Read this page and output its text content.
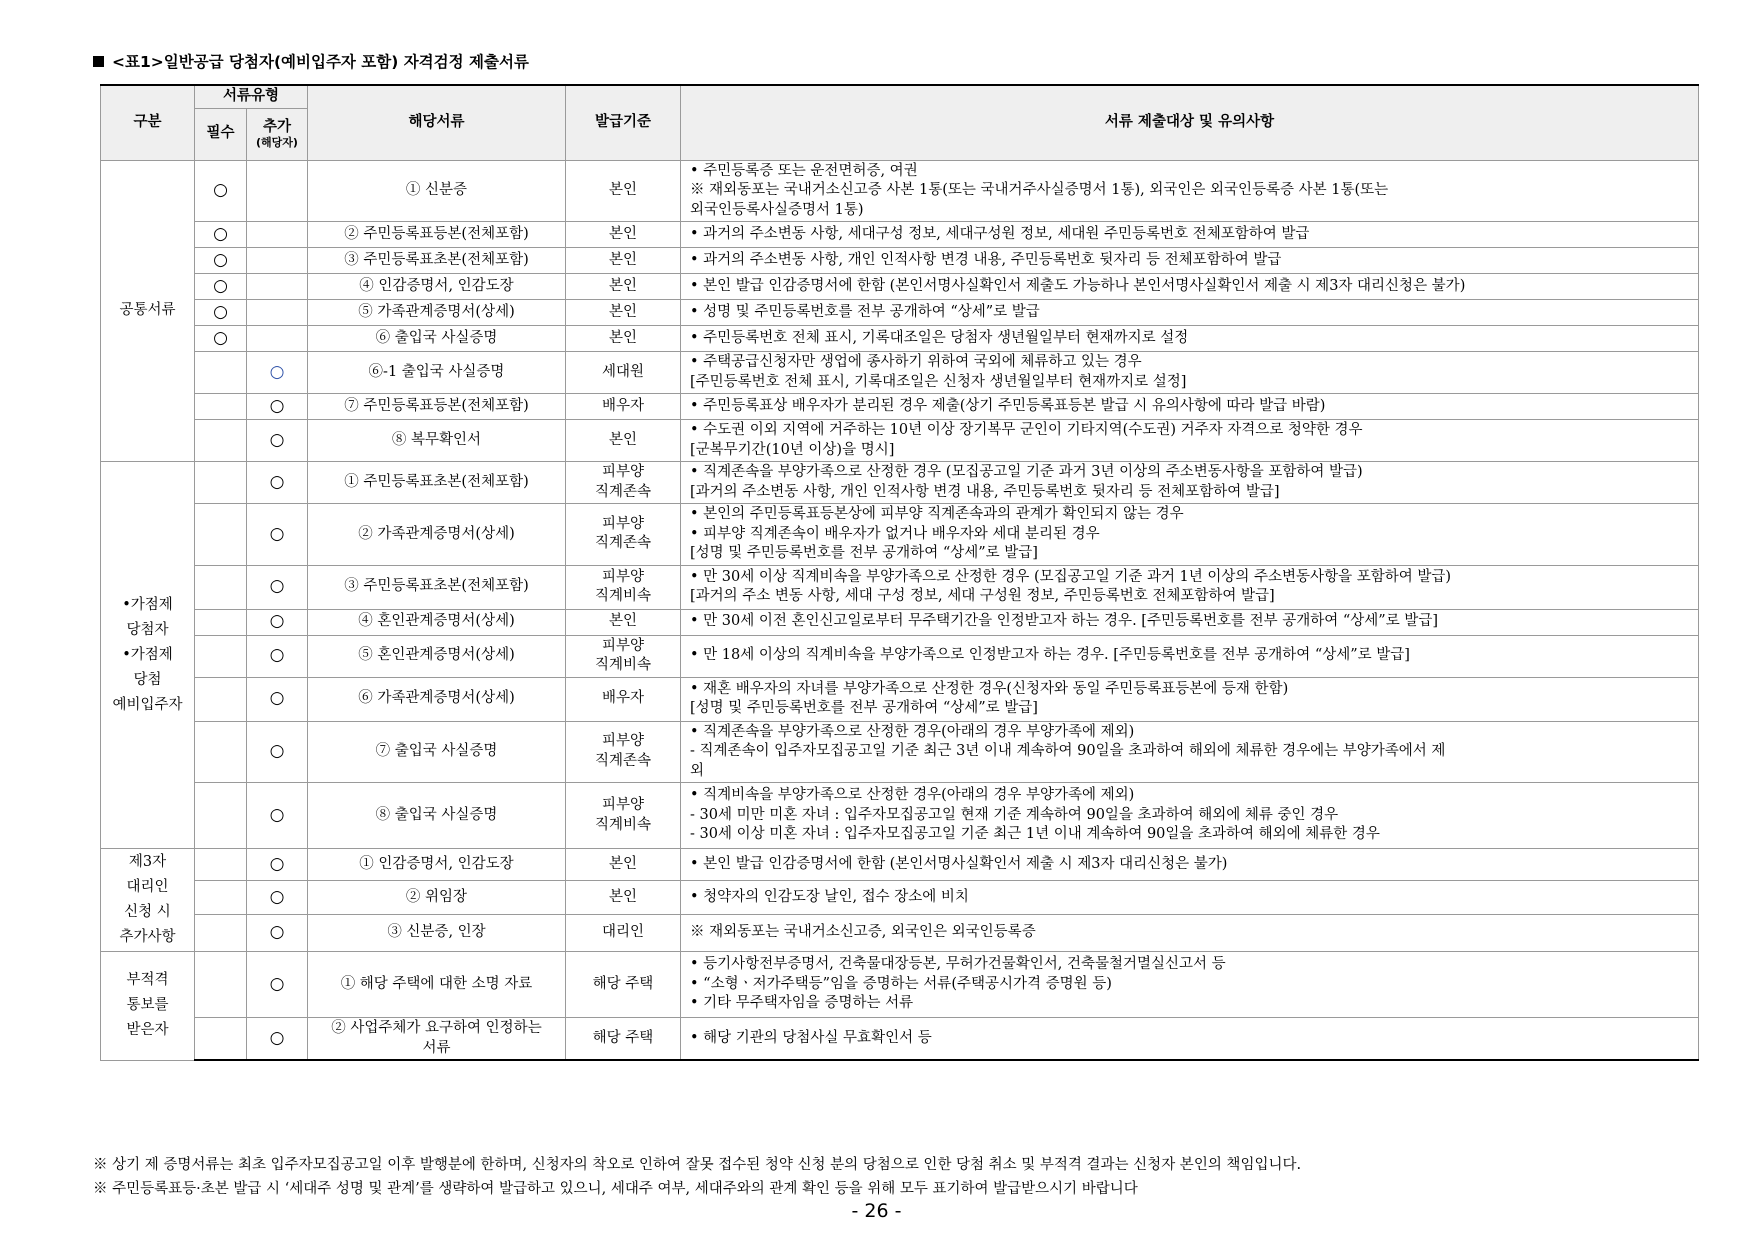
<표1>일반공급 당첨자(예비입주자 포함) 자격검정 제출서류
구분	서류유형		해당서류	발급기준	서류 제출대상 및 유의사항
	필수	추가
(해당자)			

공통서류	○		① 신분증	본인	• 주민등록증 또는 운전면허증, 여권
※ 재외동포는 국내거소신고증 사본 1통(또는 국내거주사실증명서 1통), 외국인은 외국인등록증 사본 1통(또는
외국인등록사실증명서 1통)
	○		② 주민등록표등본(전체포함)	본인	• 과거의 주소변동 사항, 세대구성 정보, 세대구성원 정보, 세대원 주민등록번호 전체포함하여 발급
	○		③ 주민등록표초본(전체포함)	본인	• 과거의 주소변동 사항, 개인 인적사항 변경 내용, 주민등록번호 뒷자리 등 전체포함하여 발급
	○		④ 인감증명서, 인감도장	본인	• 본인 발급 인감증명서에 한함 (본인서명사실확인서 제출도 가능하나 본인서명사실확인서 제출 시 제3자 대리신청은 불가)
	○		⑤ 가족관계증명서(상세)	본인	• 성명 및 주민등록번호를 전부 공개하여 “상세”로 발급
	○		⑥ 출입국 사실증명	본인	• 주민등록번호 전체 표시, 기록대조일은 당첨자 생년월일부터 현재까지로 설정
		○	⑥-1 출입국 사실증명	세대원	• 주택공급신청자만 생업에 종사하기 위하여 국외에 체류하고 있는 경우
[주민등록번호 전체 표시, 기록대조일은 신청자 생년월일부터 현재까지로 설정]
		○	⑦ 주민등록표등본(전체포함)	배우자	• 주민등록표상 배우자가 분리된 경우 제출(상기 주민등록표등본 발급 시 유의사항에 따라 발급 바람)
		○	⑧ 복무확인서	본인	• 수도권 이외 지역에 거주하는 10년 이상 장기복무 군인이 기타지역(수도권) 거주자 자격으로 청약한 경우
[군복무기간(10년 이상)을 명시]
•가점제
당첨자
•가점제
당첨
예비입주자		○	① 주민등록표초본(전체포함)	피부양
직계존속	• 직계존속을 부양가족으로 산정한 경우 (모집공고일 기준 과거 3년 이상의 주소변동사항을 포함하여 발급)
[과거의 주소변동 사항, 개인 인적사항 변경 내용, 주민등록번호 뒷자리 등 전체포함하여 발급]
		○	② 가족관계증명서(상세)	피부양
직계존속	• 본인의 주민등록표등본상에 피부양 직계존속과의 관계가 확인되지 않는 경우
• 피부양 직계존속이 배우자가 없거나 배우자와 세대 분리된 경우
[성명 및 주민등록번호를 전부 공개하여 “상세”로 발급]
		○	③ 주민등록표초본(전체포함)	피부양
직계비속	• 만 30세 이상 직계비속을 부양가족으로 산정한 경우 (모집공고일 기준 과거 1년 이상의 주소변동사항을 포함하여 발급)
[과거의 주소 변동 사항, 세대 구성 정보, 세대 구성원 정보, 주민등록번호 전체포함하여 발급]
		○	④ 혼인관계증명서(상세)	본인	• 만 30세 이전 혼인신고일로부터 무주택기간을 인정받고자 하는 경우. [주민등록번호를 전부 공개하여 “상세”로 발급]
		○	⑤ 혼인관계증명서(상세)	피부양
직계비속	• 만 18세 이상의 직계비속을 부양가족으로 인정받고자 하는 경우. [주민등록번호를 전부 공개하여 “상세”로 발급]
		○	⑥ 가족관계증명서(상세)	배우자	• 재혼 배우자의 자녀를 부양가족으로 산정한 경우(신청자와 동일 주민등록표등본에 등재 한함)
[성명 및 주민등록번호를 전부 공개하여 “상세”로 발급]
		○	⑦ 출입국 사실증명	피부양
직계존속	• 직계존속을 부양가족으로 산정한 경우(아래의 경우 부양가족에 제외)
- 직계존속이 입주자모집공고일 기준 최근 3년 이내 계속하여 90일을 초과하여 해외에 체류한 경우에는 부양가족에서 제
외
		○	⑧ 출입국 사실증명	피부양
직계비속	• 직계비속을 부양가족으로 산정한 경우(아래의 경우 부양가족에 제외)
- 30세 미만 미혼 자녀 : 입주자모집공고일 현재 기준 계속하여 90일을 초과하여 해외에 체류 중인 경우
- 30세 이상 미혼 자녀 : 입주자모집공고일 기준 최근 1년 이내 계속하여 90일을 초과하여 해외에 체류한 경우
제3자
대리인
신청 시
추가사항		○	① 인감증명서, 인감도장	본인	• 본인 발급 인감증명서에 한함 (본인서명사실확인서 제출 시 제3자 대리신청은 불가)
		○	② 위임장	본인	• 청약자의 인감도장 날인, 접수 장소에 비치
		○	③ 신분증, 인장	대리인	※ 재외동포는 국내거소신고증, 외국인은 외국인등록증
부적격
통보를
받은자		○	① 해당 주택에 대한 소명 자료	해당 주택	• 등기사항전부증명서, 건축물대장등본, 무허가건물확인서, 건축물철거멸실신고서 등
• “소형ㆍ저가주택등”임을 증명하는 서류(주택공시가격 증명원 등)
• 기타 무주택자임을 증명하는 서류
		○	② 사업주체가 요구하여 인정하는
서류	해당 주택	• 해당 기관의 당첨사실 무효확인서 등
※ 상기 제 증명서류는 최초 입주자모집공고일 이후 발행분에 한하며, 신청자의 착오로 인하여 잘못 접수된 청약 신청 분의 당첨으로 인한 당첨 취소 및 부적격 결과는 신청자 본인의 책임입니다.
※ 주민등록표등·초본 발급 시 ‘세대주 성명 및 관계’를 생략하여 발급하고 있으니, 세대주 여부, 세대주와의 관계 확인 등을 위해 모두 표기하여 발급받으시기 바랍니다
- 26 -
